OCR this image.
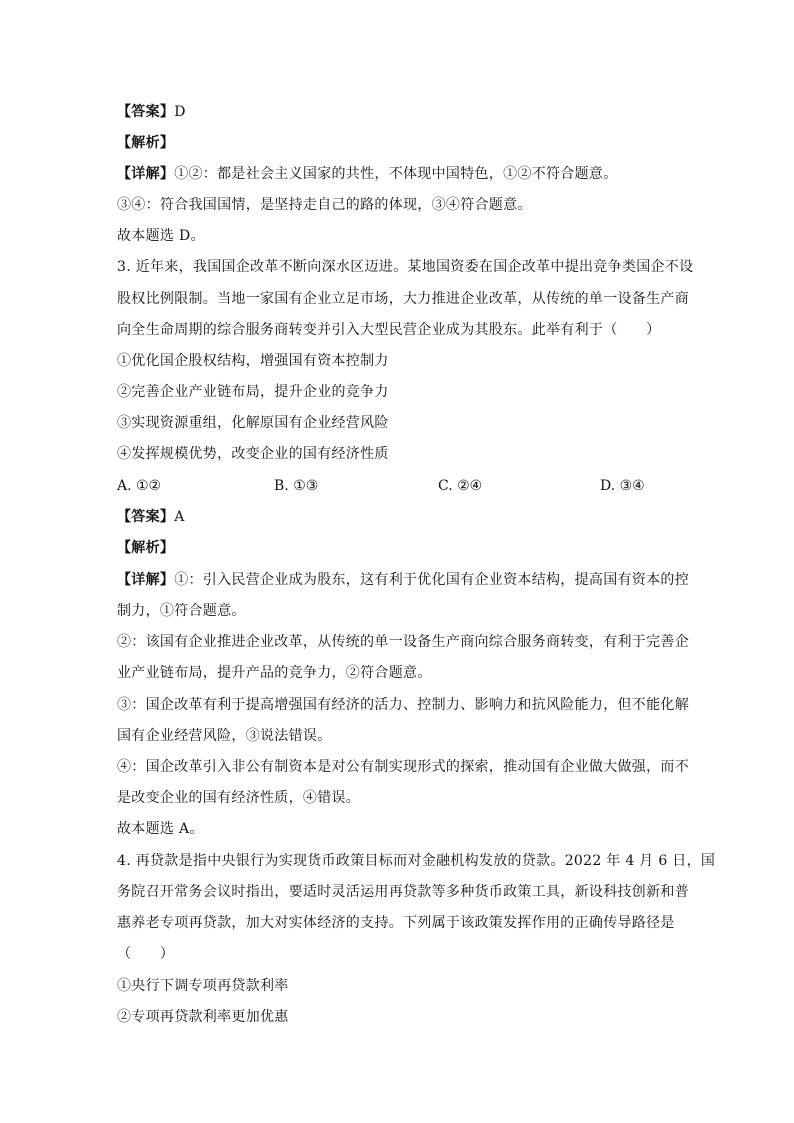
【答案】D
【解析】
【详解】①②：都是社会主义国家的共性，不体现中国特色，①②不符合题意。
③④：符合我国国情，是坚持走自己的路的体现，③④符合题意。
故本题选 D。
3. 近年来，我国国企改革不断向深水区迈进。某地国资委在国企改革中提出竞争类国企不设
股权比例限制。当地一家国有企业立足市场，大力推进企业改革，从传统的单一设备生产商
向全生命周期的综合服务商转变并引入大型民营企业成为其股东。此举有利于（　　）
①优化国企股权结构，增强国有资本控制力
②完善企业产业链布局，提升企业的竞争力
③实现资源重组，化解原国有企业经营风险
④发挥规模优势，改变企业的国有经济性质
A. ①②	B. ①③	C. ②④	D. ③④
【答案】A
【解析】
【详解】①：引入民营企业成为股东，这有利于优化国有企业资本结构，提高国有资本的控
制力，①符合题意。
②：该国有企业推进企业改革，从传统的单一设备生产商向综合服务商转变，有利于完善企
业产业链布局，提升产品的竞争力，②符合题意。
③：国企改革有利于提高增强国有经济的活力、控制力、影响力和抗风险能力，但不能化解
国有企业经营风险，③说法错误。
④：国企改革引入非公有制资本是对公有制实现形式的探索，推动国有企业做大做强，而不
是改变企业的国有经济性质，④错误。
故本题选 A。
4. 再贷款是指中央银行为实现货币政策目标而对金融机构发放的贷款。2022 年 4 月 6 日，国
务院召开常务会议时指出，要适时灵活运用再贷款等多种货币政策工具，新设科技创新和普
惠养老专项再贷款，加大对实体经济的支持。下列属于该政策发挥作用的正确传导路径是
（　　）
①央行下调专项再贷款利率
②专项再贷款利率更加优惠
